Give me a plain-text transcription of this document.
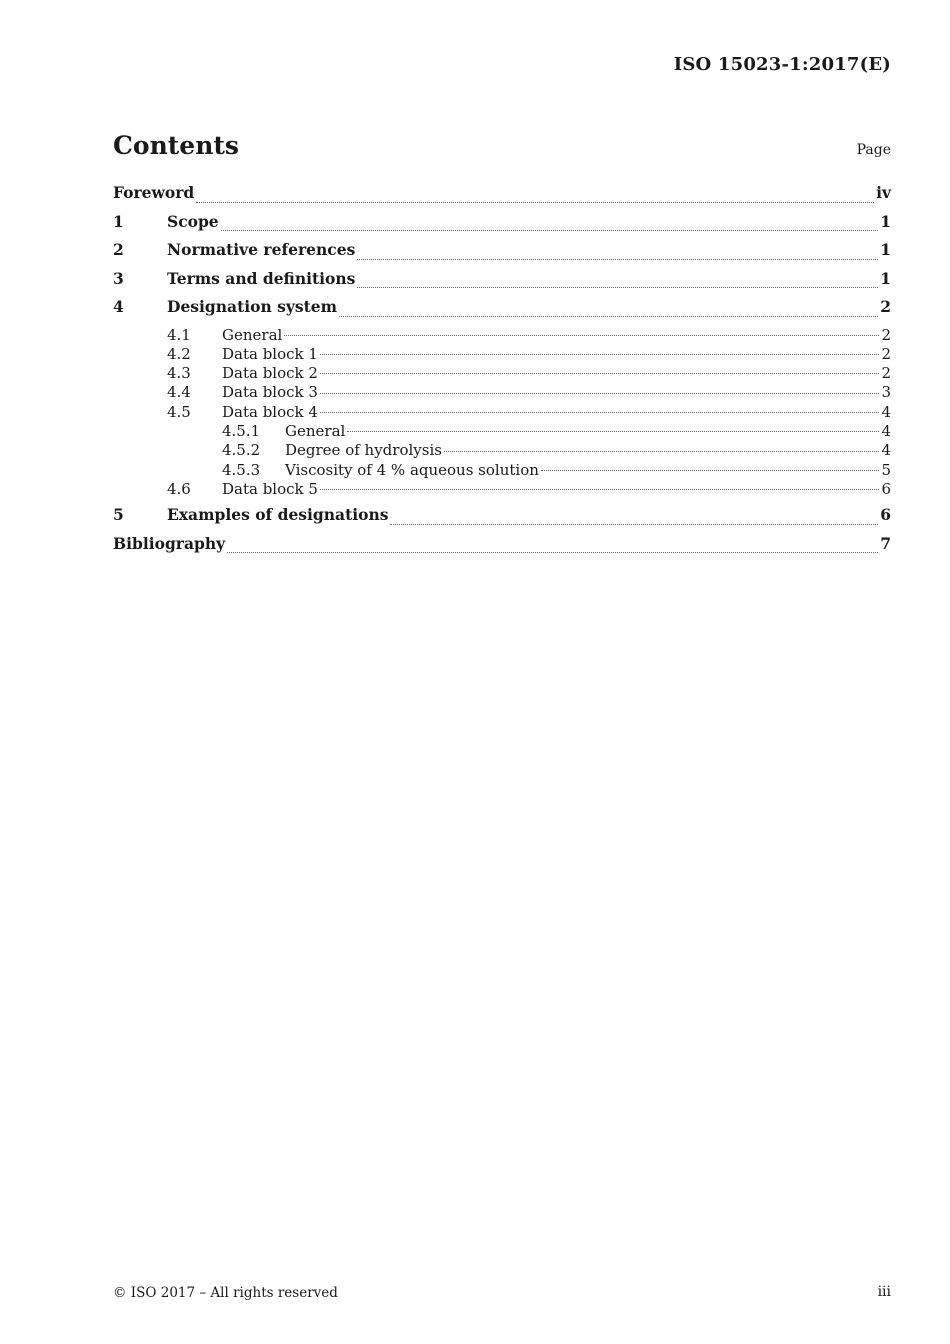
ISO 15023-1:2017(E)
Contents	Page
Foreword	iv
1	Scope	1
2	Normative references	1
3	Terms and definitions	1
4	Designation system	2
4.1	General	2
4.2	Data block 1	2
4.3	Data block 2	2
4.4	Data block 3	3
4.5	Data block 4	4
4.5.1	General	4
4.5.2	Degree of hydrolysis	4
4.5.3	Viscosity of 4 % aqueous solution	5
4.6	Data block 5	6
5	Examples of designations	6
Bibliography	7
© ISO 2017 – All rights reserved	iii
